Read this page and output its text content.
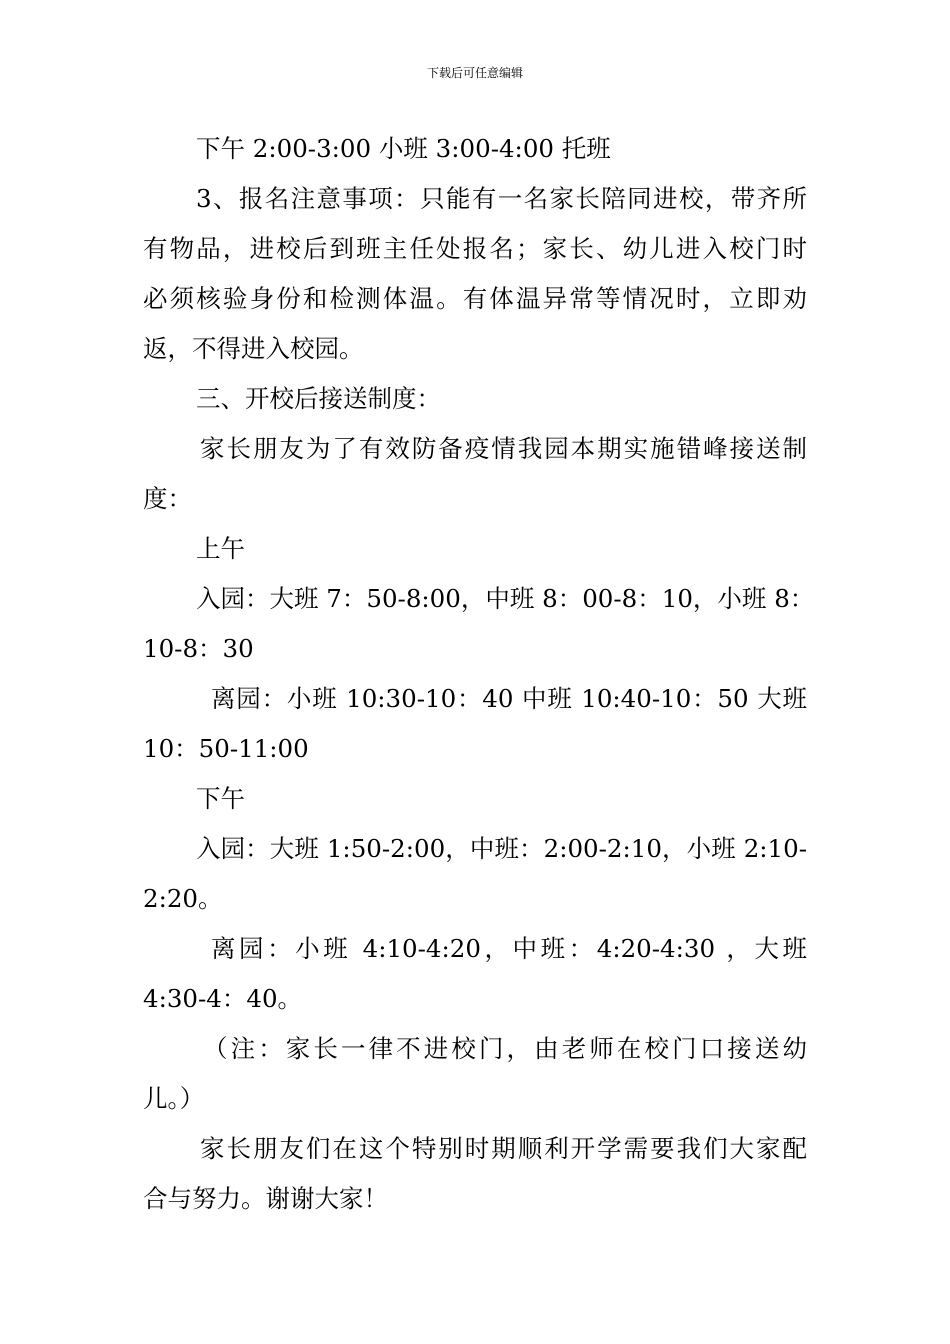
下载后可任意编辑
下午 2:00-3:00 小班 3:00-4:00 托班
3、报名注意事项：只能有一名家长陪同进校，带齐所
有物品，进校后到班主任处报名；家长、幼儿进入校门时
必须核验身份和检测体温。有体温异常等情况时，立即劝
返，不得进入校园。
三、开校后接送制度：
家长朋友为了有效防备疫情我园本期实施错峰接送制
度：
上午
入园：大班 7：50-8:00，中班 8：00-8：10，小班 8：
10-8：30
离园：小班 10:30-10：40 中班 10:40-10：50 大班
10：50-11:00
下午
入园：大班 1:50-2:00，中班：2:00-2:10，小班 2:10-
2:20。
离园：小班 4:10-4:20，中班：4:20-4:30 ，大班
4:30-4：40。
（注：家长一律不进校门，由老师在校门口接送幼
儿。）
家长朋友们在这个特别时期顺利开学需要我们大家配
合与努力。谢谢大家！
